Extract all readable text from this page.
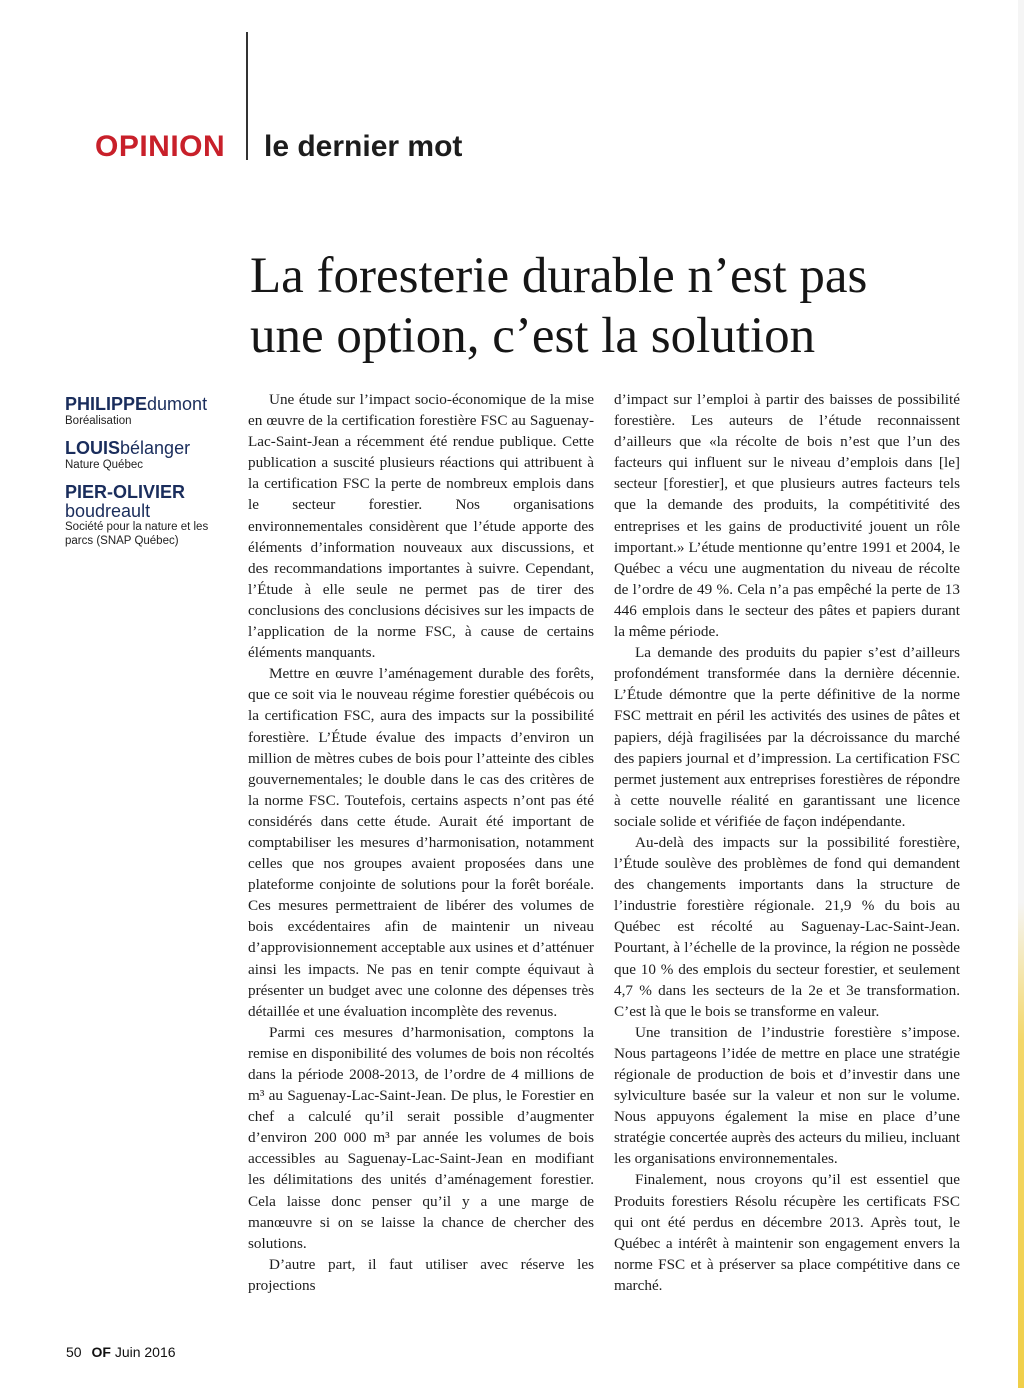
OPINION le dernier mot
La foresterie durable n’est pas
une option, c’est la solution
PHILIPPEdumont
Boréalisation
LOUISbélanger
Nature Québec
PIER-OLIVIER
boudreault
Société pour la nature et les parcs (SNAP Québec)

Une étude sur l’impact socio-économique de la mise en œuvre de la certification forestière FSC au Saguenay-Lac-Saint-Jean a récemment été rendue publique. Cette publication a suscité plusieurs réactions qui attribuent à la certification FSC la perte de nombreux emplois dans le secteur forestier. Nos organisations environnementales considèrent que l’étude apporte des éléments d’information nouveaux aux discussions, et des recommandations importantes à suivre. Cependant, l’Étude à elle seule ne permet pas de tirer des conclusions des conclusions décisives sur les impacts de l’application de la norme FSC, à cause de certains éléments manquants.

Mettre en œuvre l’aménagement durable des forêts, que ce soit via le nouveau régime forestier québécois ou la certification FSC, aura des impacts sur la possibilité forestière. L’Étude évalue des impacts d’environ un million de mètres cubes de bois pour l’atteinte des cibles gouvernementales; le double dans le cas des critères de la norme FSC. Toutefois, certains aspects n’ont pas été considérés dans cette étude. Aurait été important de comptabiliser les mesures d’harmonisation, notamment celles que nos groupes avaient proposées dans une plateforme conjointe de solutions pour la forêt boréale. Ces mesures permettraient de libérer des volumes de bois excédentaires afin de maintenir un niveau d’approvisionnement acceptable aux usines et d’atténuer ainsi les impacts. Ne pas en tenir compte équivaut à présenter un budget avec une colonne des dépenses très détaillée et une évaluation incomplète des revenus.

Parmi ces mesures d’harmonisation, comptons la remise en disponibilité des volumes de bois non récoltés dans la période 2008-2013, de l’ordre de 4 millions de m³ au Saguenay-Lac-Saint-Jean. De plus, le Forestier en chef a calculé qu’il serait possible d’augmenter d’environ 200 000 m³ par année les volumes de bois accessibles au Saguenay-Lac-Saint-Jean en modifiant les délimitations des unités d’aménagement forestier. Cela laisse donc penser qu’il y a une marge de manœuvre si on se laisse la chance de chercher des solutions.

D’autre part, il faut utiliser avec réserve les projections

d’impact sur l’emploi à partir des baisses de possibilité forestière. Les auteurs de l’étude reconnaissent d’ailleurs que «la récolte de bois n’est que l’un des facteurs qui influent sur le niveau d’emplois dans [le] secteur [forestier], et que plusieurs autres facteurs tels que la demande des produits, la compétitivité des entreprises et les gains de productivité jouent un rôle important.» L’étude mentionne qu’entre 1991 et 2004, le Québec a vécu une augmentation du niveau de récolte de l’ordre de 49 %. Cela n’a pas empêché la perte de 13 446 emplois dans le secteur des pâtes et papiers durant la même période.

La demande des produits du papier s’est d’ailleurs profondément transformée dans la dernière décennie. L’Étude démontre que la perte définitive de la norme FSC mettrait en péril les activités des usines de pâtes et papiers, déjà fragilisées par la décroissance du marché des papiers journal et d’impression. La certification FSC permet justement aux entreprises forestières de répondre à cette nouvelle réalité en garantissant une licence sociale solide et vérifiée de façon indépendante.

Au-delà des impacts sur la possibilité forestière, l’Étude soulève des problèmes de fond qui demandent des changements importants dans la structure de l’industrie forestière régionale. 21,9 % du bois au Québec est récolté au Saguenay-Lac-Saint-Jean. Pourtant, à l’échelle de la province, la région ne possède que 10 % des emplois du secteur forestier, et seulement 4,7 % dans les secteurs de la 2e et 3e transformation. C’est là que le bois se transforme en valeur.

Une transition de l’industrie forestière s’impose. Nous partageons l’idée de mettre en place une stratégie régionale de production de bois et d’investir dans une sylviculture basée sur la valeur et non sur le volume. Nous appuyons également la mise en place d’une stratégie concertée auprès des acteurs du milieu, incluant les organisations environnementales.

Finalement, nous croyons qu’il est essentiel que Produits forestiers Résolu récupère les certificats FSC qui ont été perdus en décembre 2013. Après tout, le Québec a intérêt à maintenir son engagement envers la norme FSC et à préserver sa place compétitive dans ce marché.

50 OF Juin 2016
